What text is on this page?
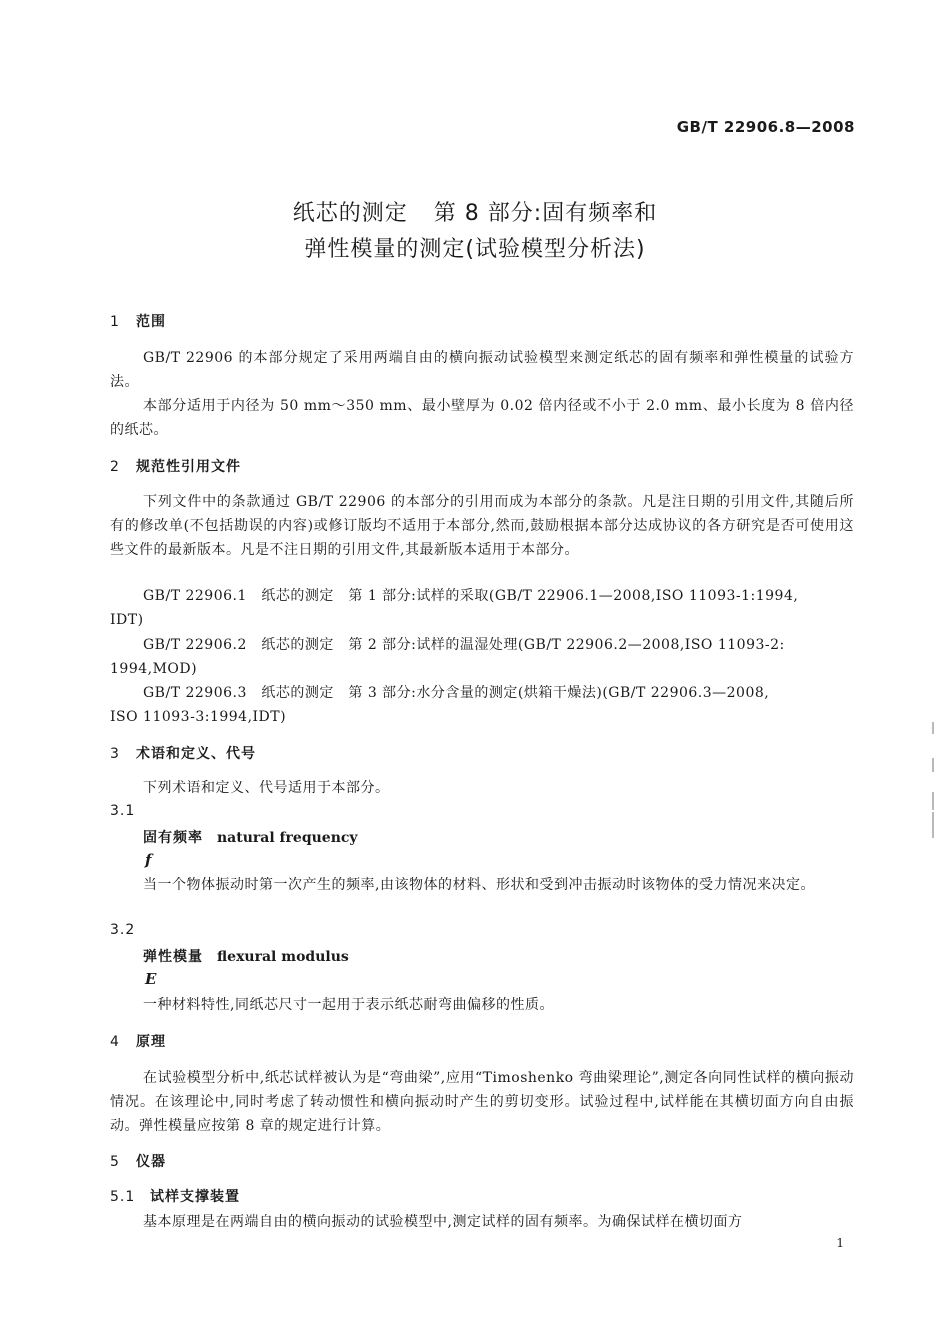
GB/T 22906.8—2008
纸芯的测定 第 8 部分:固有频率和
弹性模量的测定(试验模型分析法)
1 范围

GB/T 22906 的本部分规定了采用两端自由的横向振动试验模型来测定纸芯的固有频率和弹性模量的试验方法。

本部分适用于内径为 50 mm～350 mm、最小壁厚为 0.02 倍内径或不小于 2.0 mm、最小长度为 8 倍内径的纸芯。

2 规范性引用文件

下列文件中的条款通过 GB/T 22906 的本部分的引用而成为本部分的条款。凡是注日期的引用文件,其随后所有的修改单(不包括勘误的内容)或修订版均不适用于本部分,然而,鼓励根据本部分达成协议的各方研究是否可使用这些文件的最新版本。凡是不注日期的引用文件,其最新版本适用于本部分。

GB/T 22906.1　纸芯的测定　第 1 部分:试样的采取(GB/T 22906.1—2008,ISO 11093-1:1994,
IDT)
GB/T 22906.2　纸芯的测定　第 2 部分:试样的温湿处理(GB/T 22906.2—2008,ISO 11093-2:
1994,MOD)
GB/T 22906.3　纸芯的测定　第 3 部分:水分含量的测定(烘箱干燥法)(GB/T 22906.3—2008,
ISO 11093-3:1994,IDT)
3 术语和定义、代号
下列术语和定义、代号适用于本部分。
3.1
固有频率 natural frequency
f

当一个物体振动时第一次产生的频率,由该物体的材料、形状和受到冲击振动时该物体的受力情况来决定。

3.2
弹性模量 flexural modulus
E
一种材料特性,同纸芯尺寸一起用于表示纸芯耐弯曲偏移的性质。
4 原理

在试验模型分析中,纸芯试样被认为是“弯曲梁”,应用“Timoshenko 弯曲梁理论”,测定各向同性试样的横向振动情况。在该理论中,同时考虑了转动惯性和横向振动时产生的剪切变形。试验过程中,试样能在其横切面方向自由振动。弹性模量应按第 8 章的规定进行计算。

5 仪器
5.1 试样支撑装置
基本原理是在两端自由的横向振动的试验模型中,测定试样的固有频率。为确保试样在横切面方
1
